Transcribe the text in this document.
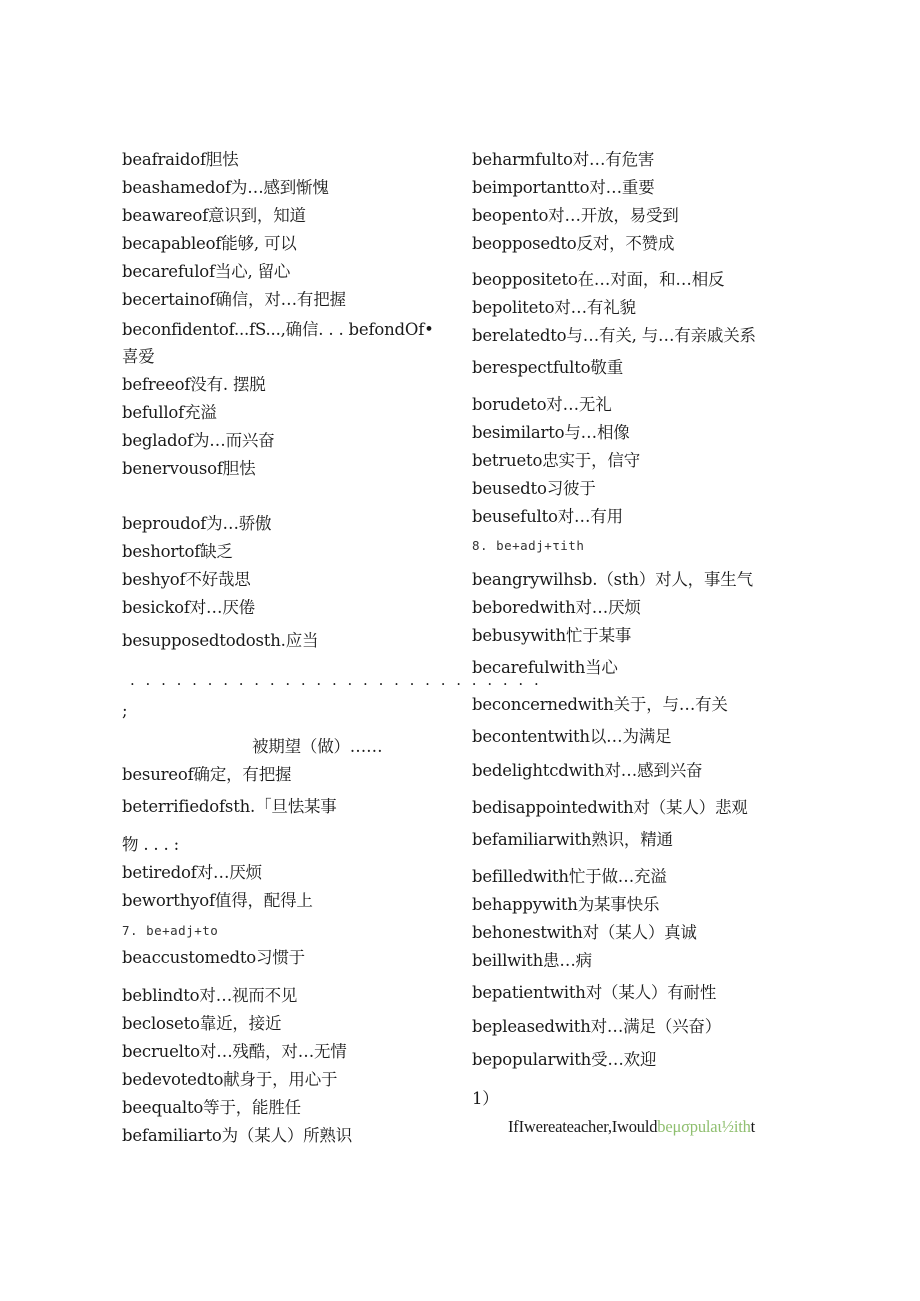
beafraidof胆怯
beashamedof为…感到惭愧
beawareof意识到，知道
becapableof能够, 可以
becarefulof当心, 留心
becertainof确信，对…有把握
beconfidentof...fS...,确信. . . befondOf•
喜爱
befreeof没有. 摆脱
befullof充溢
begladof为…而兴奋
benervousof胆怯
beproudof为…骄傲
beshortof缺乏
beshyof不好哉思
besickof对…厌倦
besupposedtodosth.应当
. . . . . . . . . . . . . . . . . . . . . . . . . . .
;
被期望（做）……
besureof确定，有把握
beterrifiedofsth.「旦怯某事
物 . . . :
betiredof对…厌烦
beworthyof值得，配得上
7. be+adj+to
beaccustomedto习惯于
beblindto对…视而不见
beclosetо靠近，接近
becruelto对…残酷，对…无情
bedevotedto献身于，用心于
beequalto等于，能胜任
befamiliarto为（某人）所熟识
beharmfulto对…有危害
beimportantto对…重要
beopento对…开放，易受到
beopposedto反对，不赞成
beoppositeto在…对面，和…相反
bepoliteto对…有礼貌
berelatedto与…有关, 与…有亲戚关系
berespectfulto敬重
borudeto对…无礼
besimilarto与…相像
betrueto忠实于，信守
beusedto习彼于
beusefulto对…有用
8. be+adj+τith
beangrywilhsb.（sth）对人，事生气
beboredwith对…厌烦
bebusywith忙于某事
becarefulwith当心
beconcernedwith关于，与…有关
becontentwith以…为满足
bedelightcdwith对…感到兴奋
bedisappointedwith对（某人）悲观
befamiliarwith熟识，精通
befilledwith忙于做…充溢
behappywith为某事快乐
behonestwith对（某人）真诚
beillwith患…病
bepatientwith对（某人）有耐性
bepleasedwith对…满足（兴奋）
bepopularwith受…欢迎
1）
IfIwereateacher,Iwouldbeμσpulaι½itht
